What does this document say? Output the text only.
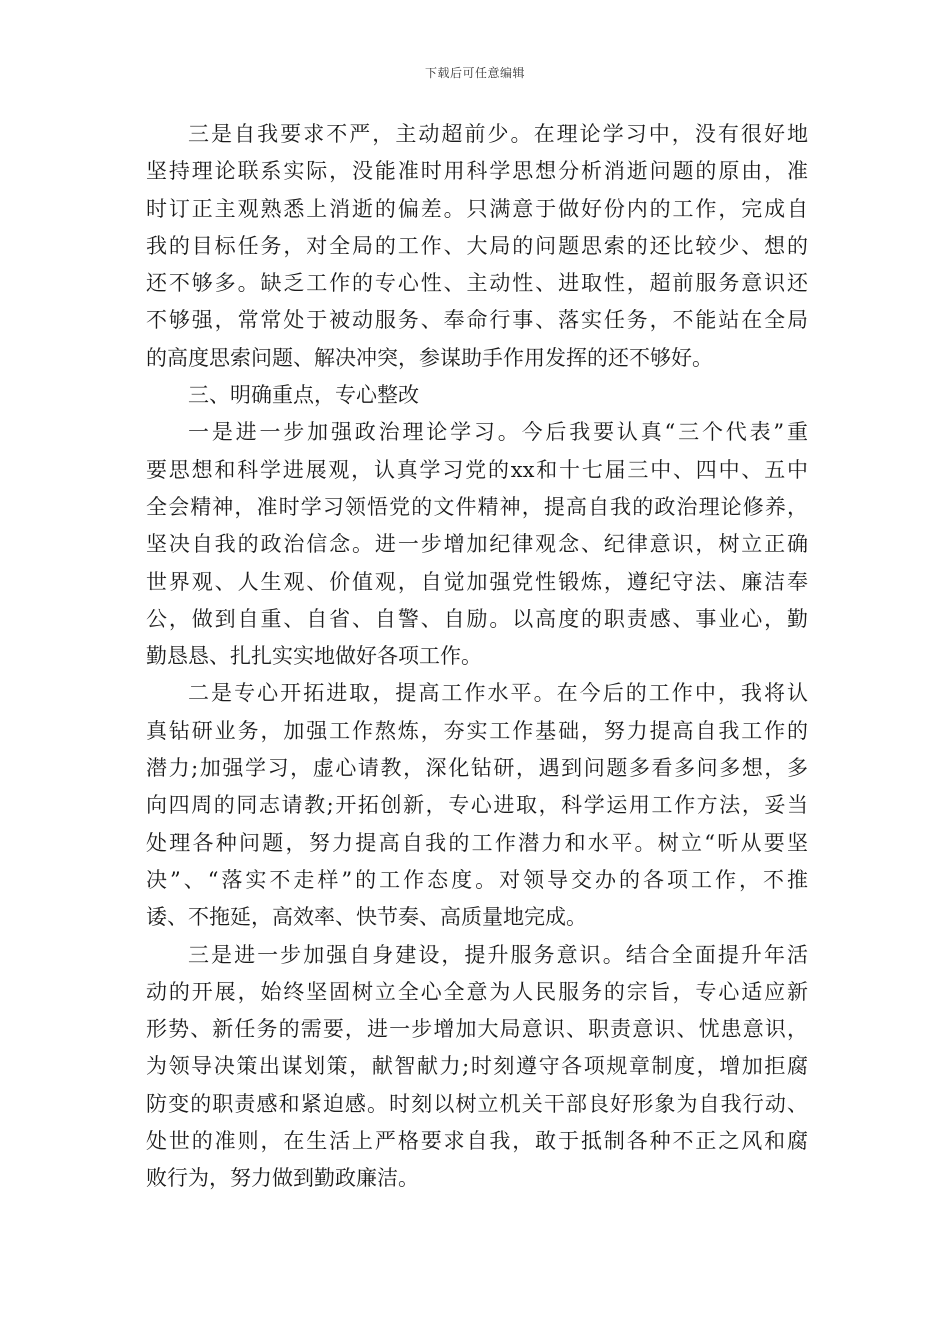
下载后可任意编辑
三是自我要求不严，主动超前少。在理论学习中，没有很好地
坚持理论联系实际，没能准时用科学思想分析消逝问题的原由，准
时订正主观熟悉上消逝的偏差。只满意于做好份内的工作，完成自
我的目标任务，对全局的工作、大局的问题思索的还比较少、想的
还不够多。缺乏工作的专心性、主动性、进取性，超前服务意识还
不够强，常常处于被动服务、奉命行事、落实任务，不能站在全局
的高度思索问题、解决冲突，参谋助手作用发挥的还不够好。
三、明确重点，专心整改
一是进一步加强政治理论学习。今后我要认真“三个代表”重
要思想和科学进展观，认真学习党的xx和十七届三中、四中、五中
全会精神，准时学习领悟党的文件精神，提高自我的政治理论修养，
坚决自我的政治信念。进一步增加纪律观念、纪律意识，树立正确
世界观、人生观、价值观，自觉加强党性锻炼，遵纪守法、廉洁奉
公，做到自重、自省、自警、自励。以高度的职责感、事业心，勤
勤恳恳、扎扎实实地做好各项工作。
二是专心开拓进取，提高工作水平。在今后的工作中，我将认
真钻研业务，加强工作熬炼，夯实工作基础，努力提高自我工作的
潜力;加强学习，虚心请教，深化钻研，遇到问题多看多问多想，多
向四周的同志请教;开拓创新，专心进取，科学运用工作方法，妥当
处理各种问题，努力提高自我的工作潜力和水平。树立“听从要坚
决”、“落实不走样”的工作态度。对领导交办的各项工作，不推
诿、不拖延，高效率、快节奏、高质量地完成。
三是进一步加强自身建设，提升服务意识。结合全面提升年活
动的开展，始终坚固树立全心全意为人民服务的宗旨，专心适应新
形势、新任务的需要，进一步增加大局意识、职责意识、忧患意识，
为领导决策出谋划策，献智献力;时刻遵守各项规章制度，增加拒腐
防变的职责感和紧迫感。时刻以树立机关干部良好形象为自我行动、
处世的准则，在生活上严格要求自我，敢于抵制各种不正之风和腐
败行为，努力做到勤政廉洁。
